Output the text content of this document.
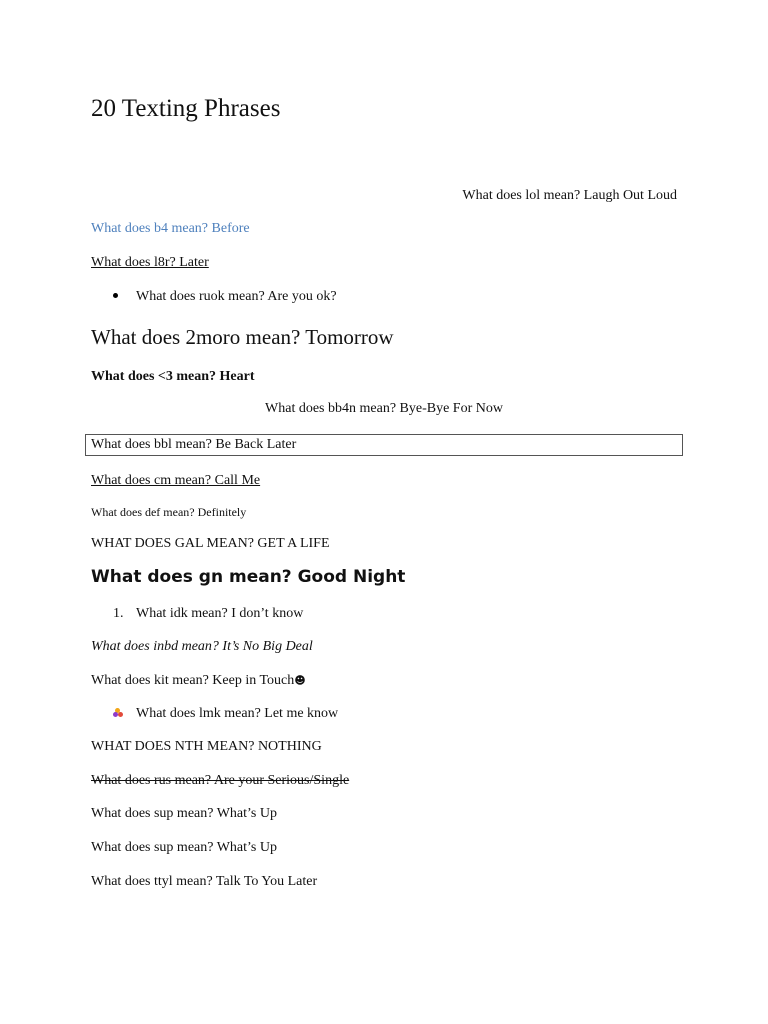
20 Texting Phrases
What does lol mean? Laugh Out Loud
What does b4 mean? Before
What does l8r? Later
What does ruok mean? Are you ok?
What does 2moro mean? Tomorrow
What does <3 mean? Heart
What does bb4n mean? Bye-Bye For Now
What does bbl mean? Be Back Later
What does cm mean? Call Me
What does def mean? Definitely
WHAT DOES GAL MEAN? GET A LIFE
What does gn mean? Good Night
1. What idk mean? I don’t know
What does inbd mean? It’s No Big Deal
What does kit mean? Keep in Touch☻
What does lmk mean? Let me know
WHAT DOES NTH MEAN? NOTHING
What does rus mean? Are your Serious/Single
What does sup mean? What’s Up
What does sup mean? What’s Up
What does ttyl mean? Talk To You Later
